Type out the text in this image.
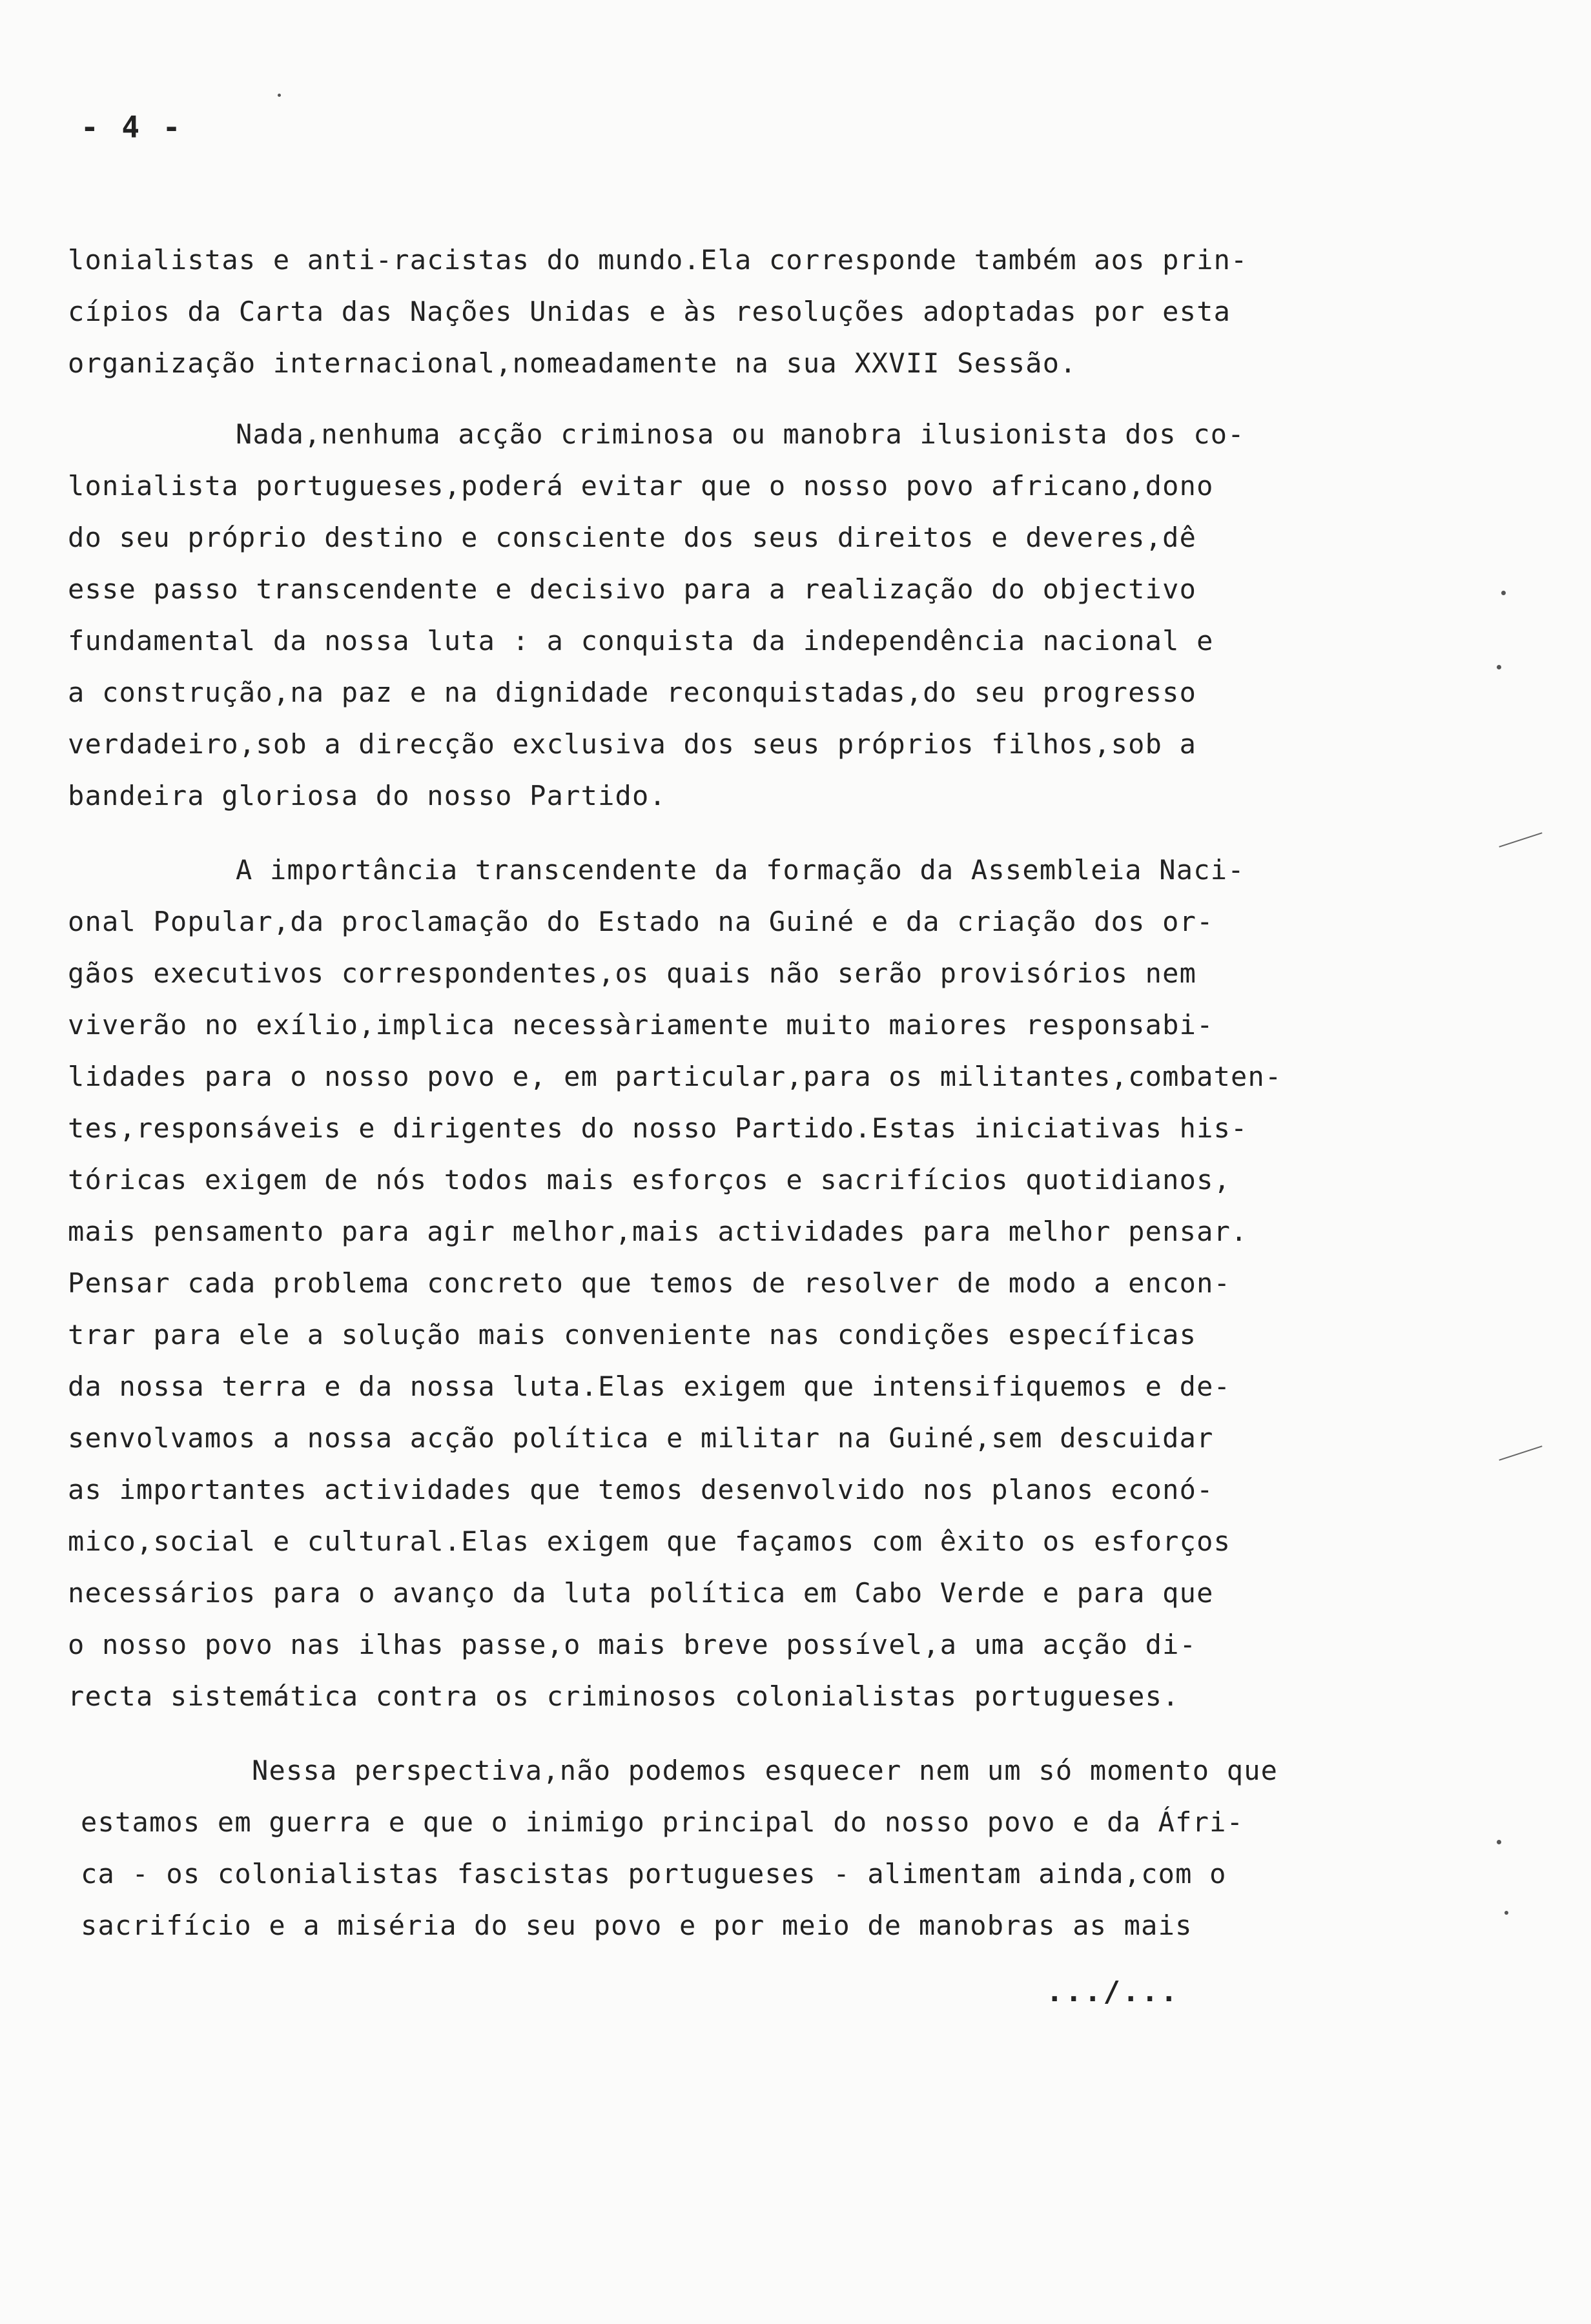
- 4 -
lonialistas e anti-racistas do mundo.Ela corresponde também aos prin-
cípios da Carta das Nações Unidas e às resoluções adoptadas por esta
organização internacional,nomeadamente na sua XXVII Sessão.
Nada,nenhuma acção criminosa ou manobra ilusionista dos co-
lonialista portugueses,poderá evitar que o nosso povo africano,dono
do seu próprio destino e consciente dos seus direitos e deveres,dê
esse passo transcendente e decisivo para a realização do objectivo
fundamental da nossa luta : a conquista da independência nacional e
a construção,na paz e na dignidade reconquistadas,do seu progresso
verdadeiro,sob a direcção exclusiva dos seus próprios filhos,sob a
bandeira gloriosa do nosso Partido.
A importância transcendente da formação da Assembleia Naci-
onal Popular,da proclamação do Estado na Guiné e da criação dos or-
gãos executivos correspondentes,os quais não serão provisórios nem
viverão no exílio,implica necessàriamente muito maiores responsabi-
lidades para o nosso povo e, em particular,para os militantes,combaten-
tes,responsáveis e dirigentes do nosso Partido.Estas iniciativas his-
tóricas exigem de nós todos mais esforços e sacrifícios quotidianos,
mais pensamento para agir melhor,mais actividades para melhor pensar.
Pensar cada problema concreto que temos de resolver de modo a encon-
trar para ele a solução mais conveniente nas condições específicas
da nossa terra e da nossa luta.Elas exigem que intensifiquemos e de-
senvolvamos a nossa acção política e militar na Guiné,sem descuidar
as importantes actividades que temos desenvolvido nos planos econó-
mico,social e cultural.Elas exigem que façamos com êxito os esforços
necessários para o avanço da luta política em Cabo Verde e para que
o nosso povo nas ilhas passe,o mais breve possível,a uma acção di-
recta sistemática contra os criminosos colonialistas portugueses.
Nessa perspectiva,não podemos esquecer nem um só momento que
estamos em guerra e que o inimigo principal do nosso povo e da Áfri-
ca - os colonialistas fascistas portugueses - alimentam ainda,com o
sacrifício e a miséria do seu povo e por meio de manobras as mais
.../...
